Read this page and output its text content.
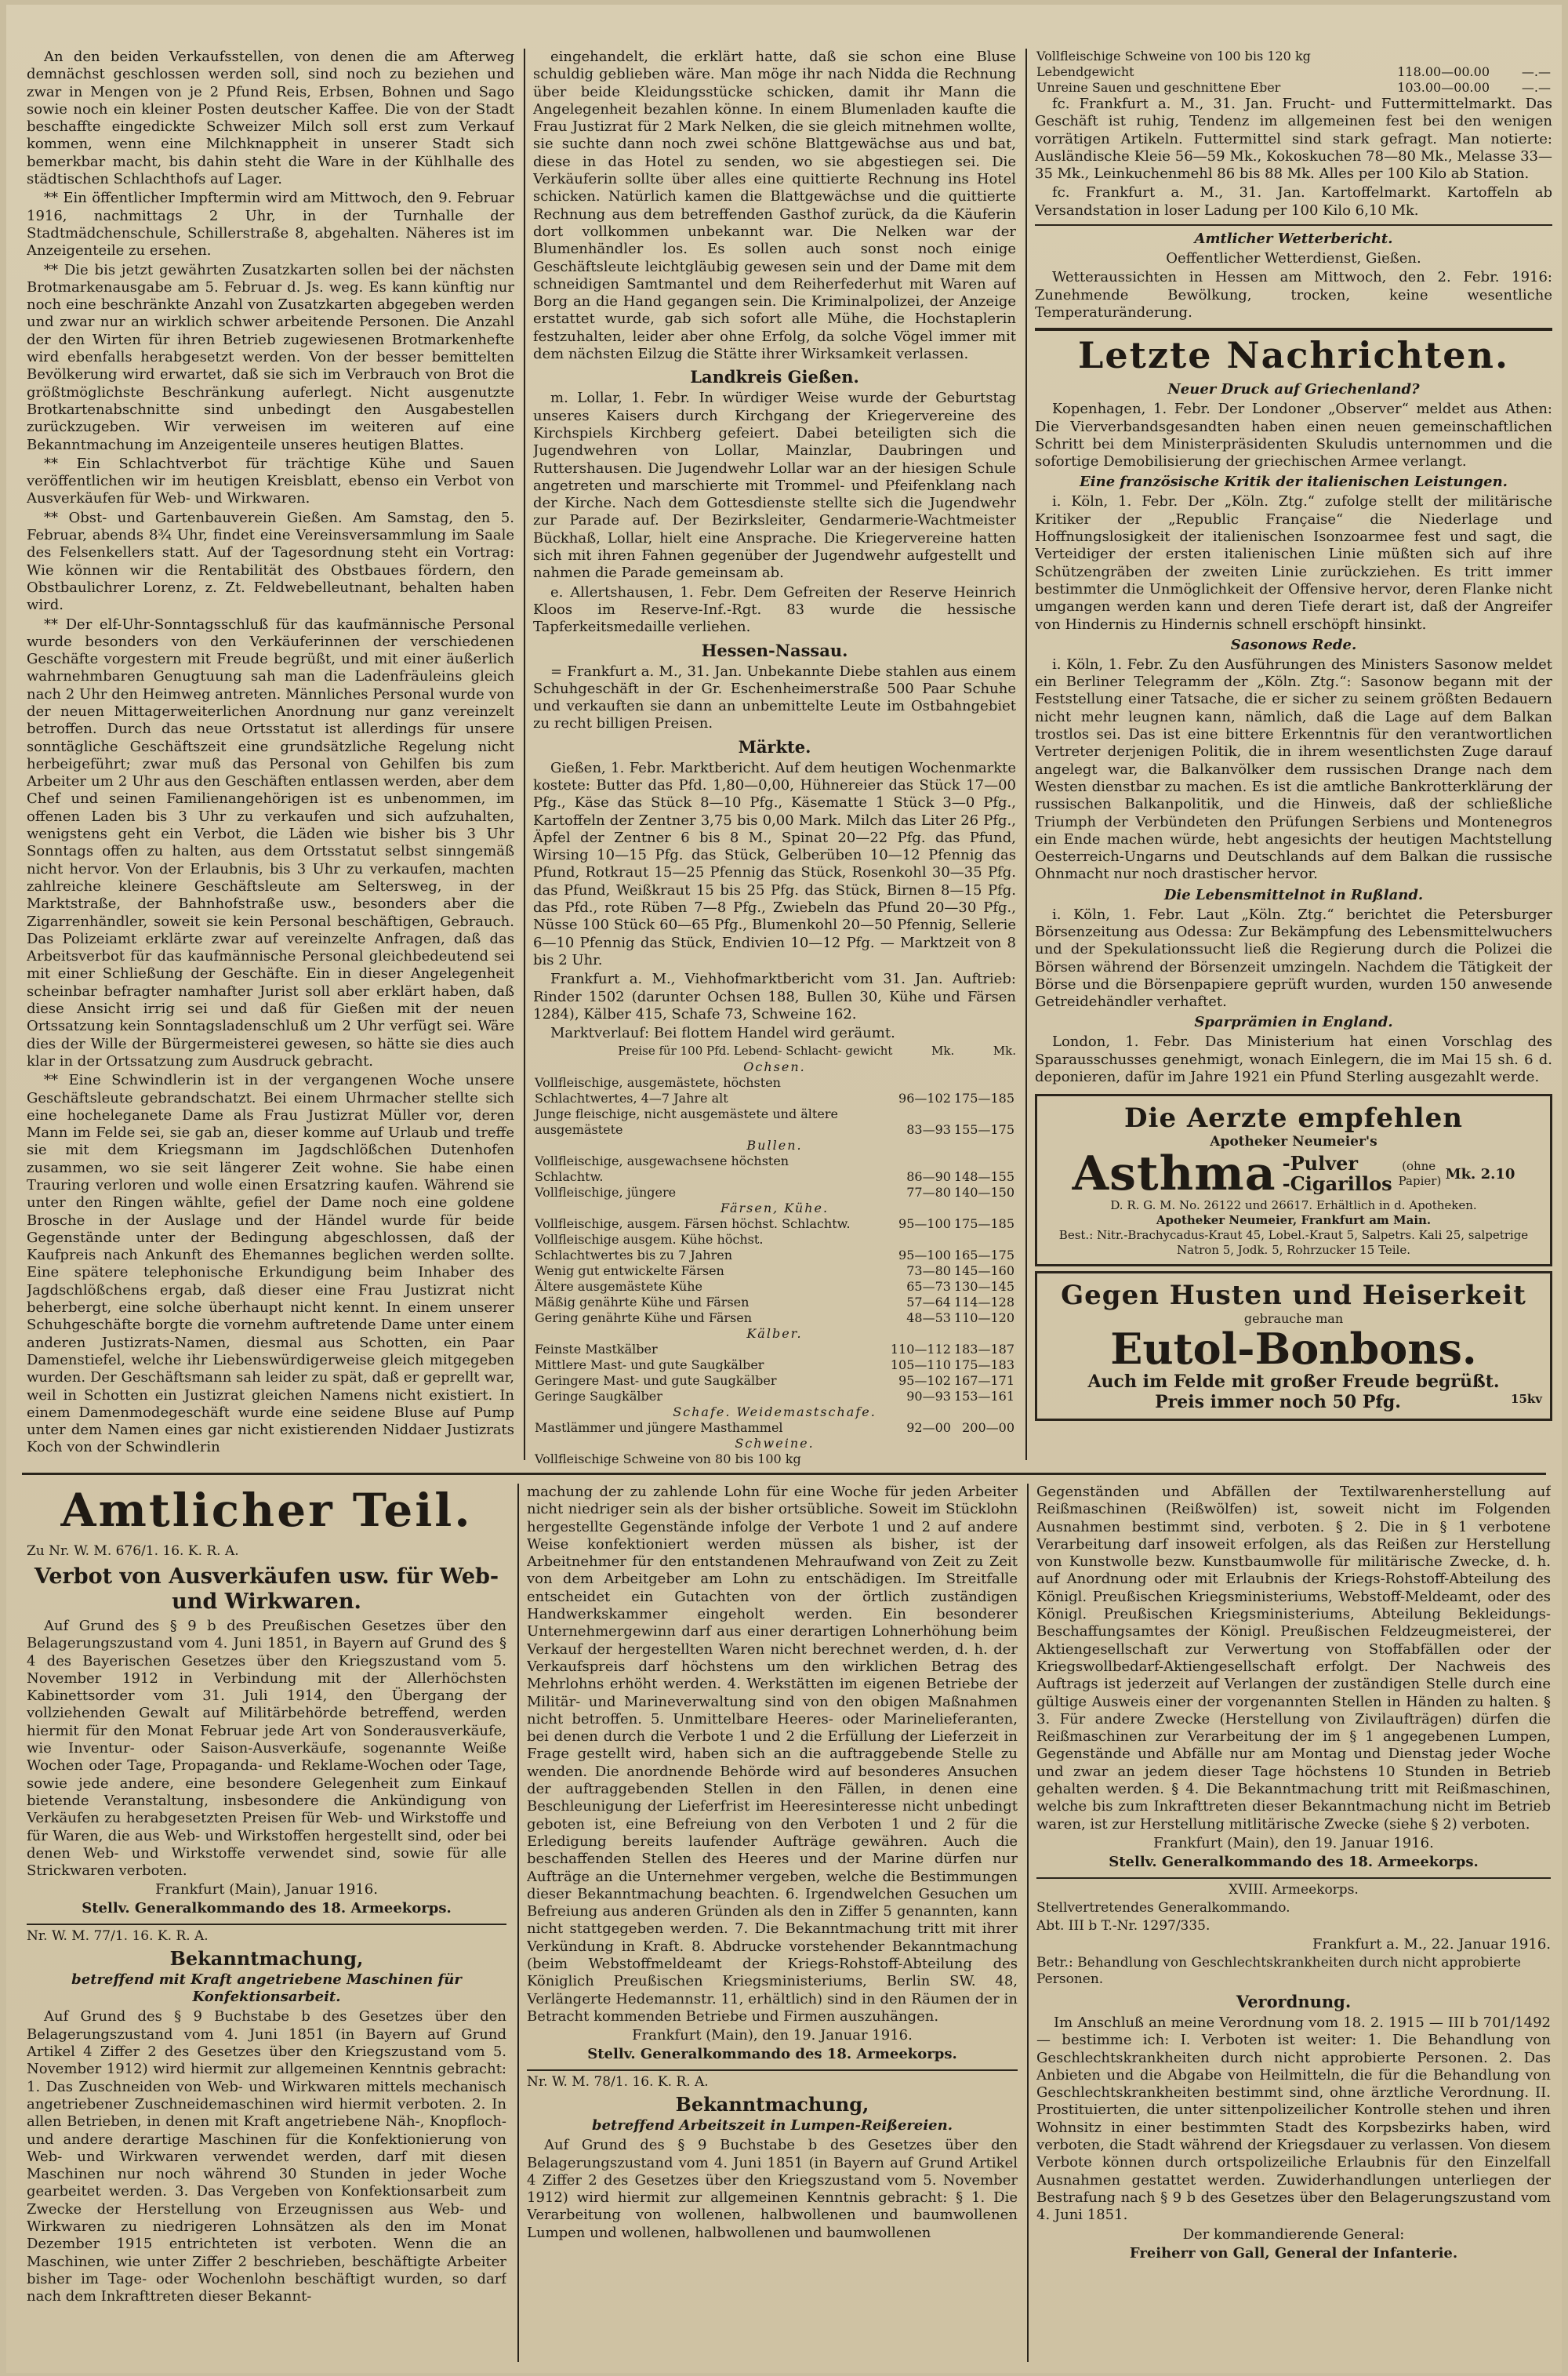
An den beiden Verkaufsstellen, von denen die am Afterweg demnächst geschlossen werden soll, sind noch zu beziehen und zwar in Mengen von je 2 Pfund Reis, Erbsen, Bohnen und Sago sowie noch ein kleiner Posten deutscher Kaffee. Die von der Stadt beschaffte eingedickte Schweizer Milch soll erst zum Verkauf kommen, wenn eine Milchknappheit in unserer Stadt sich bemerkbar macht, bis dahin steht die Ware in der Kühlhalle des städtischen Schlachthofs auf Lager.

** Ein öffentlicher Impftermin wird am Mittwoch, den 9. Februar 1916, nachmittags 2 Uhr, in der Turnhalle der Stadtmädchenschule, Schillerstraße 8, abgehalten. Näheres ist im Anzeigenteile zu ersehen.

** Die bis jetzt gewährten Zusatzkarten sollen bei der nächsten Brotmarkenausgabe am 5. Februar d. Js. weg. Es kann künftig nur noch eine beschränkte Anzahl von Zusatzkarten abgegeben werden und zwar nur an wirklich schwer arbeitende Personen. Die Anzahl der den Wirten für ihren Betrieb zugewiesenen Brotmarkenhefte wird ebenfalls herabgesetzt werden. Von der besser bemittelten Bevölkerung wird erwartet, daß sie sich im Verbrauch von Brot die größtmöglichste Beschränkung auferlegt. Nicht ausgenutzte Brotkartenabschnitte sind unbedingt den Ausgabestellen zurückzugeben. Wir verweisen im weiteren auf eine Bekanntmachung im Anzeigenteile unseres heutigen Blattes.

** Ein Schlachtverbot für trächtige Kühe und Sauen veröffentlichen wir im heutigen Kreisblatt, ebenso ein Verbot von Ausverkäufen für Web- und Wirkwaren.

** Obst- und Gartenbauverein Gießen. Am Samstag, den 5. Februar, abends 8¾ Uhr, findet eine Vereinsversammlung im Saale des Felsenkellers statt. Auf der Tagesordnung steht ein Vortrag: Wie können wir die Rentabilität des Obstbaues fördern, den Obstbaulichrer Lorenz, z. Zt. Feldwebelleutnant, behalten haben wird.

** Der elf-Uhr-Sonntagsschluß für das kaufmännische Personal wurde besonders von den Verkäuferinnen der verschiedenen Geschäfte vorgestern mit Freude begrüßt, und mit einer äußerlich wahrnehmbaren Genugtuung sah man die Ladenfräuleins gleich nach 2 Uhr den Heimweg antreten. Männliches Personal wurde von der neuen Mittagerweiterlichen Anordnung nur ganz vereinzelt betroffen. Durch das neue Ortsstatut ist allerdings für unsere sonntägliche Geschäftszeit eine grundsätzliche Regelung nicht herbeigeführt; zwar muß das Personal von Gehilfen bis zum Arbeiter um 2 Uhr aus den Geschäften entlassen werden, aber dem Chef und seinen Familienangehörigen ist es unbenommen, im offenen Laden bis 3 Uhr zu verkaufen und sich aufzuhalten, wenigstens geht ein Verbot, die Läden wie bisher bis 3 Uhr Sonntags offen zu halten, aus dem Ortsstatut selbst sinngemäß nicht hervor. Von der Erlaubnis, bis 3 Uhr zu verkaufen, machten zahlreiche kleinere Geschäftsleute am Seltersweg, in der Marktstraße, der Bahnhofstraße usw., besonders aber die Zigarrenhändler, soweit sie kein Personal beschäftigen, Gebrauch. Das Polizeiamt erklärte zwar auf vereinzelte Anfragen, daß das Arbeitsverbot für das kaufmännische Personal gleichbedeutend sei mit einer Schließung der Geschäfte. Ein in dieser Angelegenheit scheinbar befragter namhafter Jurist soll aber erklärt haben, daß diese Ansicht irrig sei und daß für Gießen mit der neuen Ortssatzung kein Sonntagsladenschluß um 2 Uhr verfügt sei. Wäre dies der Wille der Bürgermeisterei gewesen, so hätte sie dies auch klar in der Ortssatzung zum Ausdruck gebracht.

** Eine Schwindlerin ist in der vergangenen Woche unsere Geschäftsleute gebrandschatzt. Bei einem Uhrmacher stellte sich eine hocheleganete Dame als Frau Justizrat Müller vor, deren Mann im Felde sei, sie gab an, dieser komme auf Urlaub und treffe sie mit dem Kriegsmann im Jagdschlößchen Dutenhofen zusammen, wo sie seit längerer Zeit wohne. Sie habe einen Trauring verloren und wolle einen Ersatzring kaufen. Während sie unter den Ringen wählte, gefiel der Dame noch eine goldene Brosche in der Auslage und der Händel wurde für beide Gegenstände unter der Bedingung abgeschlossen, daß der Kaufpreis nach Ankunft des Ehemannes beglichen werden sollte. Eine spätere telephonische Erkundigung beim Inhaber des Jagdschlößchens ergab, daß dieser eine Frau Justizrat nicht beherbergt, eine solche überhaupt nicht kennt. In einem unserer Schuhgeschäfte borgte die vornehm auftretende Dame unter einem anderen Justizrats-Namen, diesmal aus Schotten, ein Paar Damenstiefel, welche ihr Liebenswürdigerweise gleich mitgegeben wurden. Der Geschäftsmann sah leider zu spät, daß er geprellt war, weil in Schotten ein Justizrat gleichen Namens nicht existiert. In einem Damenmodegeschäft wurde eine seidene Bluse auf Pump unter dem Namen eines gar nicht existierenden Niddaer Justizrats Koch von der Schwindlerin

eingehandelt, die erklärt hatte, daß sie schon eine Bluse schuldig geblieben wäre. Man möge ihr nach Nidda die Rechnung über beide Kleidungsstücke schicken, damit ihr Mann die Angelegenheit bezahlen könne. In einem Blumenladen kaufte die Frau Justizrat für 2 Mark Nelken, die sie gleich mitnehmen wollte, sie suchte dann noch zwei schöne Blattgewächse aus und bat, diese in das Hotel zu senden, wo sie abgestiegen sei. Die Verkäuferin sollte über alles eine quittierte Rechnung ins Hotel schicken. Natürlich kamen die Blattgewächse und die quittierte Rechnung aus dem betreffenden Gasthof zurück, da die Käuferin dort vollkommen unbekannt war. Die Nelken war der Blumenhändler los. Es sollen auch sonst noch einige Geschäftsleute leichtgläubig gewesen sein und der Dame mit dem schneidigen Samtmantel und dem Reiherfederhut mit Waren auf Borg an die Hand gegangen sein. Die Kriminalpolizei, der Anzeige erstattet wurde, gab sich sofort alle Mühe, die Hochstaplerin festzuhalten, leider aber ohne Erfolg, da solche Vögel immer mit dem nächsten Eilzug die Stätte ihrer Wirksamkeit verlassen.

Landkreis Gießen.

m. Lollar, 1. Febr. In würdiger Weise wurde der Geburtstag unseres Kaisers durch Kirchgang der Kriegervereine des Kirchspiels Kirchberg gefeiert. Dabei beteiligten sich die Jugendwehren von Lollar, Mainzlar, Daubringen und Ruttershausen. Die Jugendwehr Lollar war an der hiesigen Schule angetreten und marschierte mit Trommel- und Pfeifenklang nach der Kirche. Nach dem Gottesdienste stellte sich die Jugendwehr zur Parade auf. Der Bezirksleiter, Gendarmerie-Wachtmeister Bückhaß, Lollar, hielt eine Ansprache. Die Kriegervereine hatten sich mit ihren Fahnen gegenüber der Jugendwehr aufgestellt und nahmen die Parade gemeinsam ab.

e. Allertshausen, 1. Febr. Dem Gefreiten der Reserve Heinrich Kloos im Reserve-Inf.-Rgt. 83 wurde die hessische Tapferkeitsmedaille verliehen.

Hessen-Nassau.

= Frankfurt a. M., 31. Jan. Unbekannte Diebe stahlen aus einem Schuhgeschäft in der Gr. Eschenheimerstraße 500 Paar Schuhe und verkauften sie dann an unbemittelte Leute im Ostbahngebiet zu recht billigen Preisen.

Märkte.

Gießen, 1. Febr. Marktbericht. Auf dem heutigen Wochenmarkte kostete: Butter das Pfd. 1,80—0,00, Hühnereier das Stück 17—00 Pfg., Käse das Stück 8—10 Pfg., Käsematte 1 Stück 3—0 Pfg., Kartoffeln der Zentner 3,75 bis 0,00 Mark. Milch das Liter 26 Pfg., Äpfel der Zentner 6 bis 8 M., Spinat 20—22 Pfg. das Pfund, Wirsing 10—15 Pfg. das Stück, Gelberüben 10—12 Pfennig das Pfund, Rotkraut 15—25 Pfennig das Stück, Rosenkohl 30—35 Pfg. das Pfund, Weißkraut 15 bis 25 Pfg. das Stück, Birnen 8—15 Pfg. das Pfd., rote Rüben 7—8 Pfg., Zwiebeln das Pfund 20—30 Pfg., Nüsse 100 Stück 60—65 Pfg., Blumenkohl 20—50 Pfennig, Sellerie 6—10 Pfennig das Stück, Endivien 10—12 Pfg. — Marktzeit von 8 bis 2 Uhr.

Frankfurt a. M., Viehhofmarktbericht vom 31. Jan. Auftrieb: Rinder 1502 (darunter Ochsen 188, Bullen 30, Kühe und Färsen 1284), Kälber 415, Schafe 73, Schweine 162.

Marktverlauf: Bei flottem Handel wird geräumt.

Preise für 100 Pfd. Lebend- Schlacht- gewicht	Mk.	Mk.
Ochsen.		
Vollfleischige, ausgemästete, höchsten Schlachtwertes, 4—7 Jahre alt	96—102	175—185
Junge fleischige, nicht ausgemästete und ältere ausgemästete	83—93	155—175
Bullen.		
Vollfleischige, ausgewachsene höchsten Schlachtw.	86—90	148—155
Vollfleischige, jüngere	77—80	140—150
Färsen, Kühe.		
Vollfleischige, ausgem. Färsen höchst. Schlachtw.	95—100	175—185
Vollfleischige ausgem. Kühe höchst. Schlachtwertes bis zu 7 Jahren	95—100	165—175
Wenig gut entwickelte Färsen	73—80	145—160
Ältere ausgemästete Kühe	65—73	130—145
Mäßig genährte Kühe und Färsen	57—64	114—128
Gering genährte Kühe und Färsen	48—53	110—120
Kälber.		
Feinste Mastkälber	110—112	183—187
Mittlere Mast- und gute Saugkälber	105—110	175—183
Geringere Mast- und gute Saugkälber	95—102	167—171
Geringe Saugkälber	90—93	153—161
Schafe. Weidemastschafe.		
Mastlämmer und jüngere Masthammel	92—00	200—00
Schweine.		
Vollfleischige Schweine von 80 bis 100 kg		

Vollfleischige Schweine von 100 bis 120 kg Lebendgewicht	118.00—00.00	—.—
Unreine Sauen und geschnittene Eber	103.00—00.00	—.—

fc. Frankfurt a. M., 31. Jan. Frucht- und Futtermittelmarkt. Das Geschäft ist ruhig, Tendenz im allgemeinen fest bei den wenigen vorrätigen Artikeln. Futtermittel sind stark gefragt. Man notierte: Ausländische Kleie 56—59 Mk., Kokoskuchen 78—80 Mk., Melasse 33—35 Mk., Leinkuchenmehl 86 bis 88 Mk. Alles per 100 Kilo ab Station.

fc. Frankfurt a. M., 31. Jan. Kartoffelmarkt. Kartoffeln ab Versandstation in loser Ladung per 100 Kilo 6,10 Mk.

Amtlicher Wetterbericht.

Oeffentlicher Wetterdienst, Gießen.

Wetteraussichten in Hessen am Mittwoch, den 2. Febr. 1916: Zunehmende Bewölkung, trocken, keine wesentliche Temperaturänderung.

Letzte Nachrichten.
Neuer Druck auf Griechenland?

Kopenhagen, 1. Febr. Der Londoner „Observer“ meldet aus Athen: Die Vierverbandsgesandten haben einen neuen gemeinschaftlichen Schritt bei dem Ministerpräsidenten Skuludis unternommen und die sofortige Demobilisierung der griechischen Armee verlangt.

Eine französische Kritik der italienischen Leistungen.

i. Köln, 1. Febr. Der „Köln. Ztg.“ zufolge stellt der militärische Kritiker der „Republic Française“ die Niederlage und Hoffnungslosigkeit der italienischen Isonzoarmee fest und sagt, die Verteidiger der ersten italienischen Linie müßten sich auf ihre Schützengräben der zweiten Linie zurückziehen. Es tritt immer bestimmter die Unmöglichkeit der Offensive hervor, deren Flanke nicht umgangen werden kann und deren Tiefe derart ist, daß der Angreifer von Hindernis zu Hindernis schnell erschöpft hinsinkt.

Sasonows Rede.

i. Köln, 1. Febr. Zu den Ausführungen des Ministers Sasonow meldet ein Berliner Telegramm der „Köln. Ztg.“: Sasonow begann mit der Feststellung einer Tatsache, die er sicher zu seinem größten Bedauern nicht mehr leugnen kann, nämlich, daß die Lage auf dem Balkan trostlos sei. Das ist eine bittere Erkenntnis für den verantwortlichen Vertreter derjenigen Politik, die in ihrem wesentlichsten Zuge darauf angelegt war, die Balkanvölker dem russischen Drange nach dem Westen dienstbar zu machen. Es ist die amtliche Bankrotterklärung der russischen Balkanpolitik, und die Hinweis, daß der schließliche Triumph der Verbündeten den Prüfungen Serbiens und Montenegros ein Ende machen würde, hebt angesichts der heutigen Machtstellung Oesterreich-Ungarns und Deutschlands auf dem Balkan die russische Ohnmacht nur noch drastischer hervor.

Die Lebensmittelnot in Rußland.

i. Köln, 1. Febr. Laut „Köln. Ztg.“ berichtet die Petersburger Börsenzeitung aus Odessa: Zur Bekämpfung des Lebensmittelwuchers und der Spekulationssucht ließ die Regierung durch die Polizei die Börsen während der Börsenzeit umzingeln. Nachdem die Tätigkeit der Börse und die Börsenpapiere geprüft wurden, wurden 150 anwesende Getreidehändler verhaftet.

Sparprämien in England.

London, 1. Febr. Das Ministerium hat einen Vorschlag des Sparausschusses genehmigt, wonach Einlegern, die im Mai 15 sh. 6 d. deponieren, dafür im Jahre 1921 ein Pfund Sterling ausgezahlt werde.

Die Aerzte empfehlen
Apotheker Neumeier's
Asthma -Pulver
-Cigarillos
(ohne Papier) Mk. 2.10
D. R. G. M. No. 26122 und 26617. Erhältlich in d. Apotheken.
Apotheker Neumeier, Frankfurt am Main.
Best.: Nitr.-Brachycadus-Kraut 45, Lobel.-Kraut 5, Salpetrs. Kali 25, salpetrige Natron 5, Jodk. 5, Rohrzucker 15 Teile.
Gegen Husten und Heiserkeit
gebrauche man
Eutol-Bonbons.
Auch im Felde mit großer Freude begrüßt.
Preis immer noch 50 Pfg.	15kv
Amtlicher Teil.
Zu Nr. W. M. 676/1. 16. K. R. A.
Verbot von Ausverkäufen usw. für Web- und Wirkwaren.

Auf Grund des § 9 b des Preußischen Gesetzes über den Belagerungszustand vom 4. Juni 1851, in Bayern auf Grund des § 4 des Bayerischen Gesetzes über den Kriegszustand vom 5. November 1912 in Verbindung mit der Allerhöchsten Kabinettsorder vom 31. Juli 1914, den Übergang der vollziehenden Gewalt auf Militärbehörde betreffend, werden hiermit für den Monat Februar jede Art von Sonderausverkäufe, wie Inventur- oder Saison-Ausverkäufe, sogenannte Weiße Wochen oder Tage, Propaganda- und Reklame-Wochen oder Tage, sowie jede andere, eine besondere Gelegenheit zum Einkauf bietende Veranstaltung, insbesondere die Ankündigung von Verkäufen zu herabgesetzten Preisen für Web- und Wirkstoffe und für Waren, die aus Web- und Wirkstoffen hergestellt sind, oder bei denen Web- und Wirkstoffe verwendet sind, sowie für alle Strickwaren verboten.

Frankfurt (Main), Januar 1916.
Stellv. Generalkommando des 18. Armeekorps.
Nr. W. M. 77/1. 16. K. R. A.
Bekanntmachung,
betreffend mit Kraft angetriebene Maschinen für Konfektionsarbeit.

Auf Grund des § 9 Buchstabe b des Gesetzes über den Belagerungszustand vom 4. Juni 1851 (in Bayern auf Grund Artikel 4 Ziffer 2 des Gesetzes über den Kriegszustand vom 5. November 1912) wird hiermit zur allgemeinen Kenntnis gebracht: 1. Das Zuschneiden von Web- und Wirkwaren mittels mechanisch angetriebener Zuschneidemaschinen wird hiermit verboten. 2. In allen Betrieben, in denen mit Kraft angetriebene Näh-, Knopfloch- und andere derartige Maschinen für die Konfektionierung von Web- und Wirkwaren verwendet werden, darf mit diesen Maschinen nur noch während 30 Stunden in jeder Woche gearbeitet werden. 3. Das Vergeben von Konfektionsarbeit zum Zwecke der Herstellung von Erzeugnissen aus Web- und Wirkwaren zu niedrigeren Lohnsätzen als den im Monat Dezember 1915 entrichteten ist verboten. Wenn die an Maschinen, wie unter Ziffer 2 beschrieben, beschäftigte Arbeiter bisher im Tage- oder Wochenlohn beschäftigt wurden, so darf nach dem Inkrafttreten dieser Bekannt-

machung der zu zahlende Lohn für eine Woche für jeden Arbeiter nicht niedriger sein als der bisher ortsübliche. Soweit im Stücklohn hergestellte Gegenstände infolge der Verbote 1 und 2 auf andere Weise konfektioniert werden müssen als bisher, ist der Arbeitnehmer für den entstandenen Mehraufwand von Zeit zu Zeit von dem Arbeitgeber am Lohn zu entschädigen. Im Streitfalle entscheidet ein Gutachten von der örtlich zuständigen Handwerkskammer eingeholt werden. Ein besonderer Unternehmergewinn darf aus einer derartigen Lohnerhöhung beim Verkauf der hergestellten Waren nicht berechnet werden, d. h. der Verkaufspreis darf höchstens um den wirklichen Betrag des Mehrlohns erhöht werden. 4. Werkstätten im eigenen Betriebe der Militär- und Marineverwaltung sind von den obigen Maßnahmen nicht betroffen. 5. Unmittelbare Heeres- oder Marinelieferanten, bei denen durch die Verbote 1 und 2 die Erfüllung der Lieferzeit in Frage gestellt wird, haben sich an die auftraggebende Stelle zu wenden. Die anordnende Behörde wird auf besonderes Ansuchen der auftraggebenden Stellen in den Fällen, in denen eine Beschleunigung der Lieferfrist im Heeresinteresse nicht unbedingt geboten ist, eine Befreiung von den Verboten 1 und 2 für die Erledigung bereits laufender Aufträge gewähren. Auch die beschaffenden Stellen des Heeres und der Marine dürfen nur Aufträge an die Unternehmer vergeben, welche die Bestimmungen dieser Bekanntmachung beachten. 6. Irgendwelchen Gesuchen um Befreiung aus anderen Gründen als den in Ziffer 5 genannten, kann nicht stattgegeben werden. 7. Die Bekanntmachung tritt mit ihrer Verkündung in Kraft. 8. Abdrucke vorstehender Bekanntmachung (beim Webstoffmeldeamt der Kriegs-Rohstoff-Abteilung des Königlich Preußischen Kriegsministeriums, Berlin SW. 48, Verlängerte Hedemannstr. 11, erhältlich) sind in den Räumen der in Betracht kommenden Betriebe und Firmen auszuhängen.

Frankfurt (Main), den 19. Januar 1916.
Stellv. Generalkommando des 18. Armeekorps.
Nr. W. M. 78/1. 16. K. R. A.
Bekanntmachung,
betreffend Arbeitszeit in Lumpen-Reißereien.

Auf Grund des § 9 Buchstabe b des Gesetzes über den Belagerungszustand vom 4. Juni 1851 (in Bayern auf Grund Artikel 4 Ziffer 2 des Gesetzes über den Kriegszustand vom 5. November 1912) wird hiermit zur allgemeinen Kenntnis gebracht: § 1. Die Verarbeitung von wollenen, halbwollenen und baumwollenen Lumpen und wollenen, halbwollenen und baumwollenen

Gegenständen und Abfällen der Textilwarenherstellung auf Reißmaschinen (Reißwölfen) ist, soweit nicht im Folgenden Ausnahmen bestimmt sind, verboten. § 2. Die in § 1 verbotene Verarbeitung darf insoweit erfolgen, als das Reißen zur Herstellung von Kunstwolle bezw. Kunstbaumwolle für militärische Zwecke, d. h. auf Anordnung oder mit Erlaubnis der Kriegs-Rohstoff-Abteilung des Königl. Preußischen Kriegsministeriums, Webstoff-Meldeamt, oder des Königl. Preußischen Kriegsministeriums, Abteilung Bekleidungs-Beschaffungsamtes der Königl. Preußischen Feldzeugmeisterei, der Aktiengesellschaft zur Verwertung von Stoffabfällen oder der Kriegswollbedarf-Aktiengesellschaft erfolgt. Der Nachweis des Auftrags ist jederzeit auf Verlangen der zuständigen Stelle durch eine gültige Ausweis einer der vorgenannten Stellen in Händen zu halten. § 3. Für andere Zwecke (Herstellung von Zivilaufträgen) dürfen die Reißmaschinen zur Verarbeitung der im § 1 angegebenen Lumpen, Gegenstände und Abfälle nur am Montag und Dienstag jeder Woche und zwar an jedem dieser Tage höchstens 10 Stunden in Betrieb gehalten werden. § 4. Die Bekanntmachung tritt mit Reißmaschinen, welche bis zum Inkrafttreten dieser Bekanntmachung nicht im Betrieb waren, ist zur Herstellung mitlitärische Zwecke (siehe § 2) verboten.

Frankfurt (Main), den 19. Januar 1916.
Stellv. Generalkommando des 18. Armeekorps.
XVIII. Armeekorps.
Stellvertretendes Generalkommando.
Abt. III b T.-Nr. 1297/335.
Frankfurt a. M., 22. Januar 1916.
Betr.: Behandlung von Geschlechtskrankheiten durch nicht approbierte Personen.
Verordnung.

Im Anschluß an meine Verordnung vom 18. 2. 1915 — III b 701/1492 — bestimme ich: I. Verboten ist weiter: 1. Die Behandlung von Geschlechtskrankheiten durch nicht approbierte Personen. 2. Das Anbieten und die Abgabe von Heilmitteln, die für die Behandlung von Geschlechtskrankheiten bestimmt sind, ohne ärztliche Verordnung. II. Prostituierten, die unter sittenpolizeilicher Kontrolle stehen und ihren Wohnsitz in einer bestimmten Stadt des Korpsbezirks haben, wird verboten, die Stadt während der Kriegsdauer zu verlassen. Von diesem Verbote können durch ortspolizeiliche Erlaubnis für den Einzelfall Ausnahmen gestattet werden. Zuwiderhandlungen unterliegen der Bestrafung nach § 9 b des Gesetzes über den Belagerungszustand vom 4. Juni 1851.

Der kommandierende General:
Freiherr von Gall, General der Infanterie.
